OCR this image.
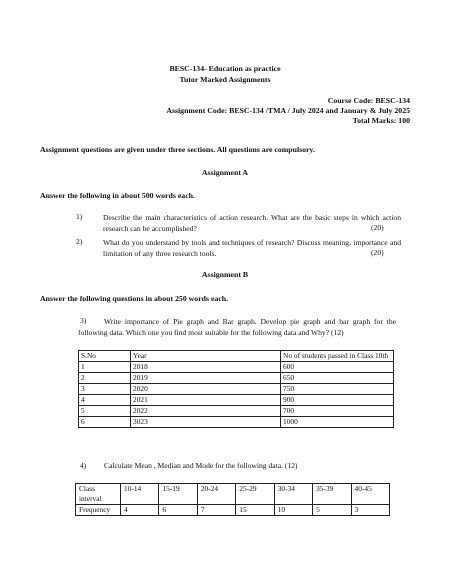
BESC-134- Education as practice
Tutor Marked Assignments
Course Code: BESC-134
Assignment Code: BESC-134 /TMA / July 2024 and January & July 2025
Total Marks: 100
Assignment questions are given under three sections. All questions are compulsory.
Assignment A
Answer the following in about 500 words each.
1)	Describe the main characteristics of action research. What are the basic steps in which action research can be accomplished?	(20)
2)	What do you understand by tools and techniques of research? Discuss meaning, importance and limitation of any three research tools.	(20)
Assignment B
Answer the following questions in about 250 words each.
3)	Write importance of Pie graph and Bar graph. Develop pie graph and bar graph for the following data. Which one you find most suitable for the following data and Why? (12)
S.No	Year	No of students passed in Class 10th
1	2018	600
2	2019	650
3	2020	750
4	2021	900
5	2022	700
6	3023	1000
4) Calculate Mean , Median and Mode for the following data. (12)
Class interval	10-14	15-19	20-24	25-29	30-34	35-39	40-45
Frequency	4	6	7	15	10	5	3
